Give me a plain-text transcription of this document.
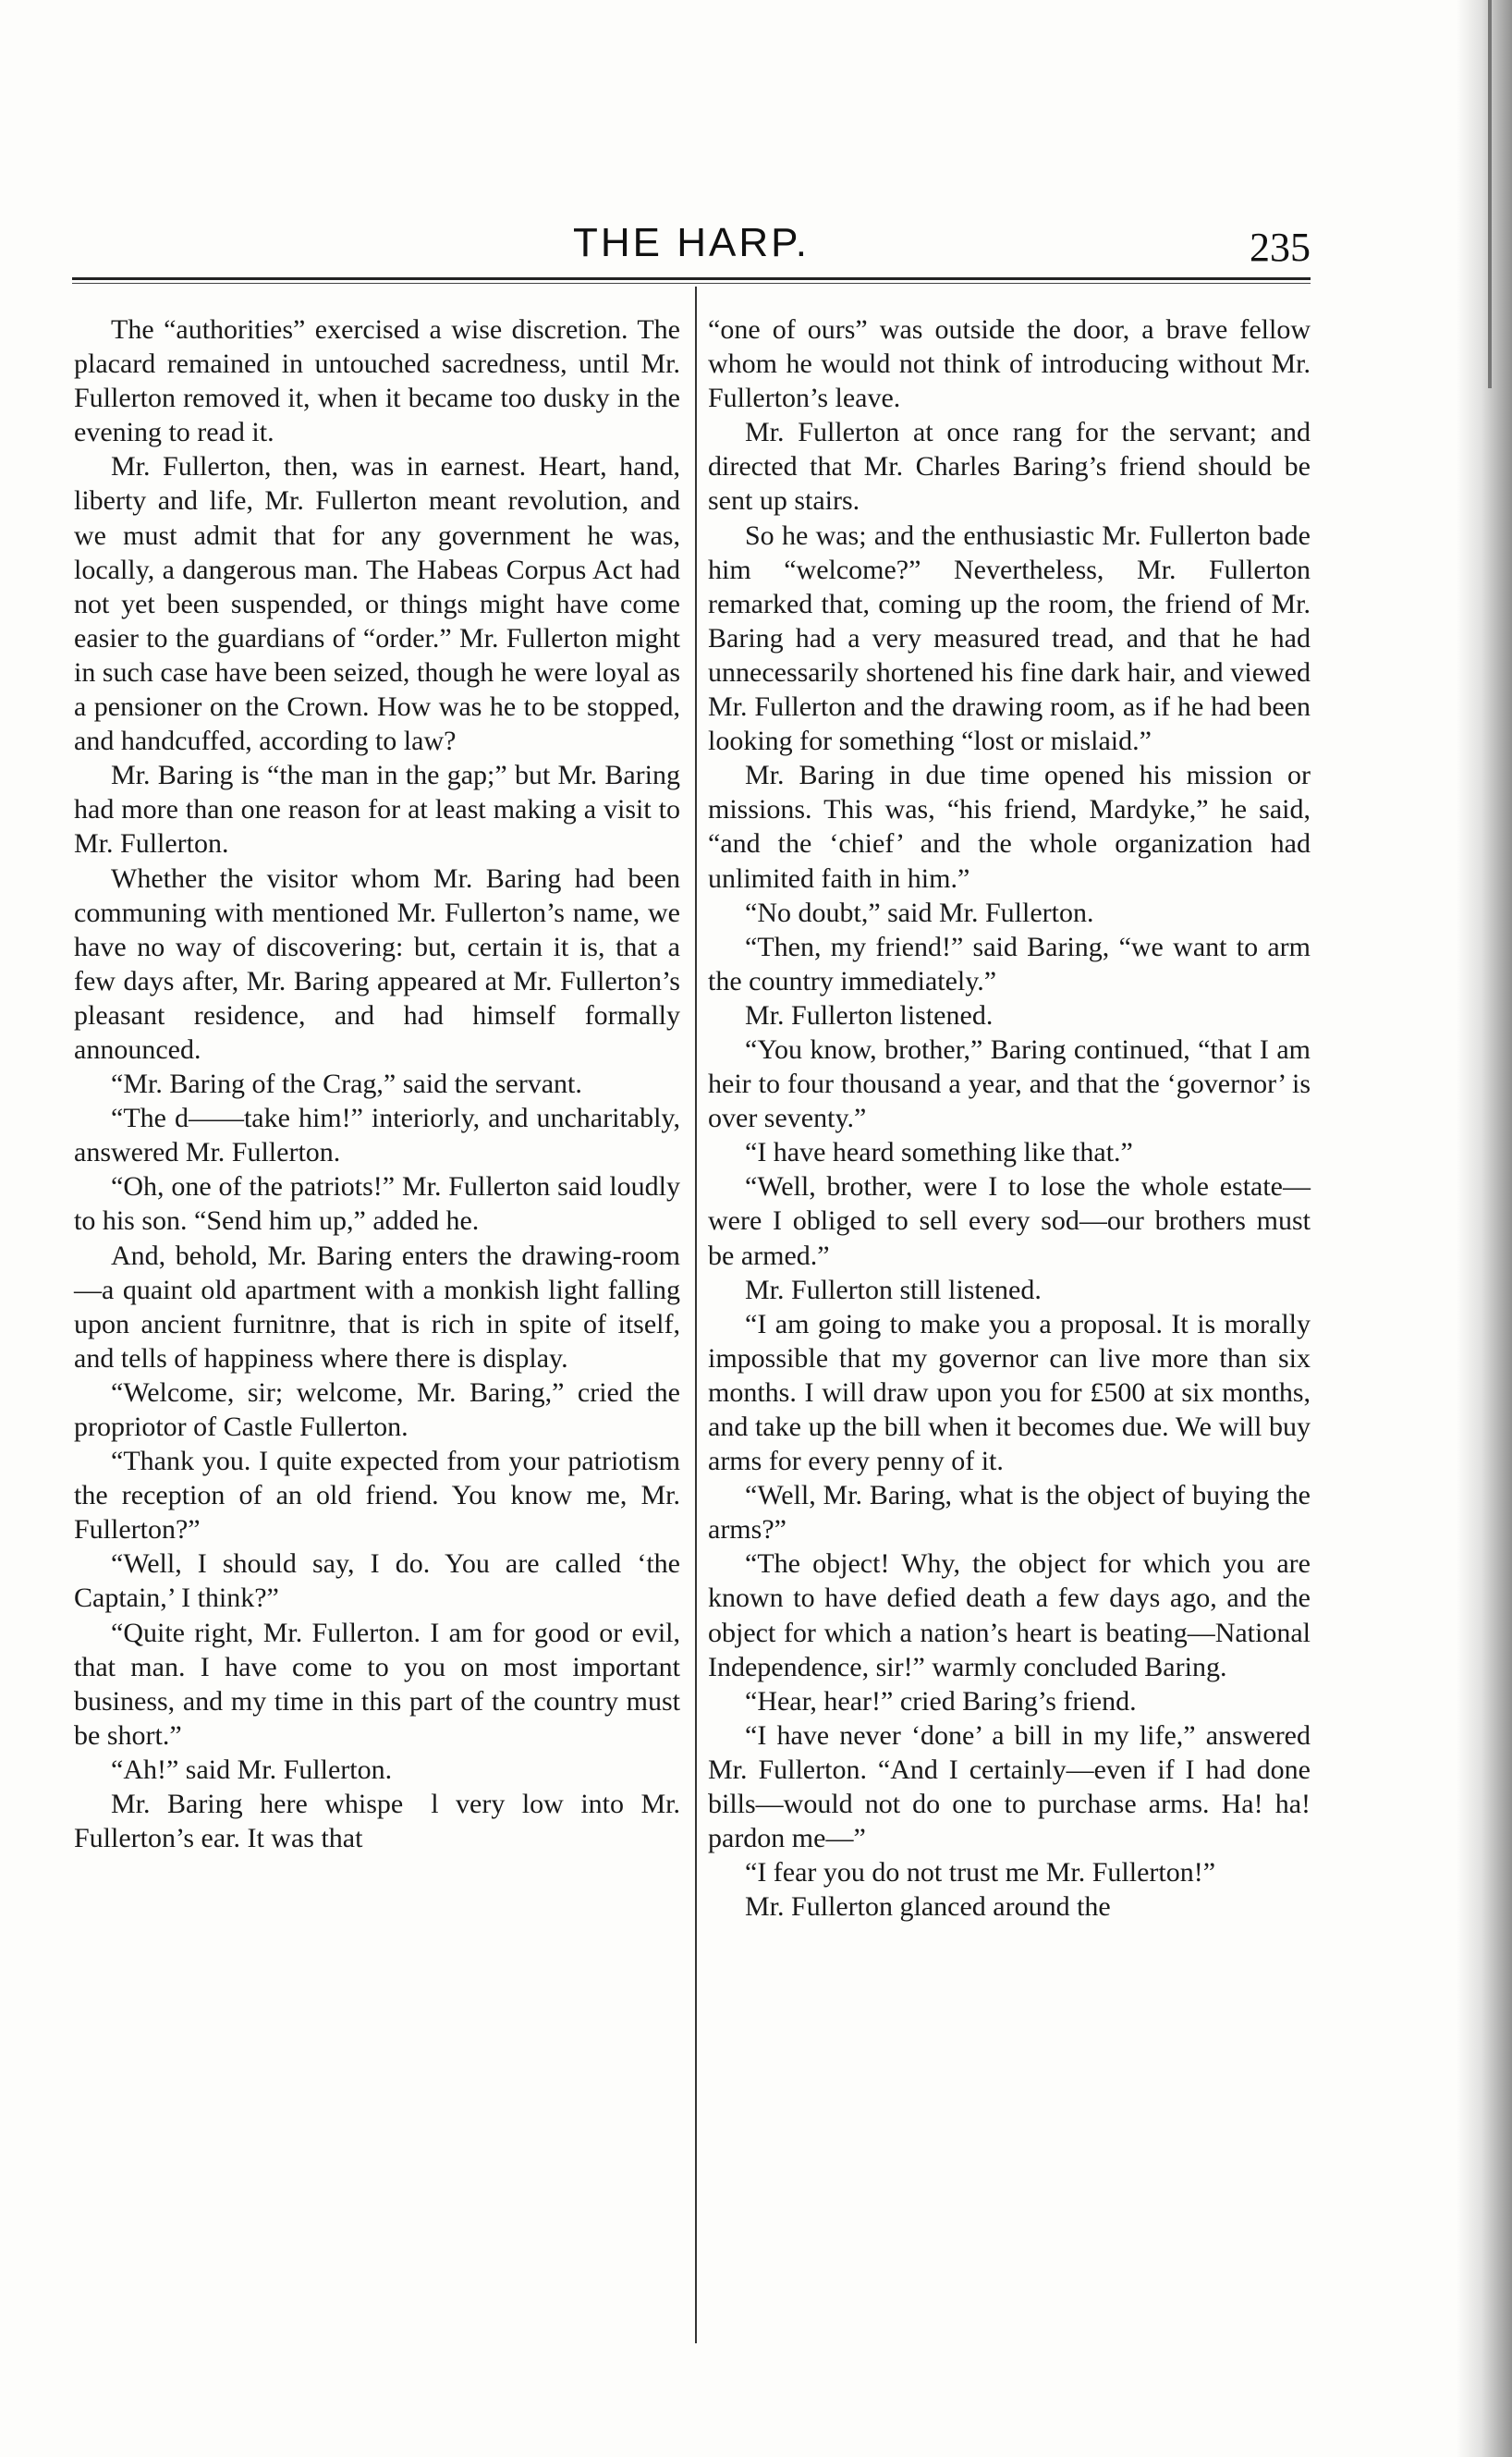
THE HARP.	235

The “authorities” exercised a wise discretion. The placard remained in untouched sacredness, until Mr. Fullerton removed it, when it became too dusky in the evening to read it.

Mr. Fullerton, then, was in earnest. Heart, hand, liberty and life, Mr. Fullerton meant revolution, and we must admit that for any government he was, locally, a dangerous man. The Habeas Corpus Act had not yet been suspended, or things might have come easier to the guardians of “order.” Mr. Fullerton might in such case have been seized, though he were loyal as a pensioner on the Crown. How was he to be stopped, and handcuffed, according to law?

Mr. Baring is “the man in the gap;” but Mr. Baring had more than one reason for at least making a visit to Mr. Fullerton.

Whether the visitor whom Mr. Baring had been communing with mentioned Mr. Fullerton’s name, we have no way of discovering: but, certain it is, that a few days after, Mr. Baring appeared at Mr. Fullerton’s pleasant residence, and had himself formally announced.

“Mr. Baring of the Crag,” said the servant.

“The d——take him!” interiorly, and uncharitably, answered Mr. Fullerton.

“Oh, one of the patriots!” Mr. Fullerton said loudly to his son. “Send him up,” added he.

And, behold, Mr. Baring enters the drawing-room—a quaint old apartment with a monkish light falling upon ancient furnitnre, that is rich in spite of itself, and tells of happiness where there is display.

“Welcome, sir; welcome, Mr. Baring,” cried the propriotor of Castle Fullerton.

“Thank you. I quite expected from your patriotism the reception of an old friend. You know me, Mr. Fullerton?”

“Well, I should say, I do. You are called ‘the Captain,’ I think?”

“Quite right, Mr. Fullerton. I am for good or evil, that man. I have come to you on most important business, and my time in this part of the country must be short.”

“Ah!” said Mr. Fullerton.

Mr. Baring here whispe l very low into Mr. Fullerton’s ear. It was that

“one of ours” was outside the door, a brave fellow whom he would not think of introducing without Mr. Fullerton’s leave.

Mr. Fullerton at once rang for the servant; and directed that Mr. Charles Baring’s friend should be sent up stairs.

So he was; and the enthusiastic Mr. Fullerton bade him “welcome?” Nevertheless, Mr. Fullerton remarked that, coming up the room, the friend of Mr. Baring had a very measured tread, and that he had unnecessarily shortened his fine dark hair, and viewed Mr. Fullerton and the drawing room, as if he had been looking for something “lost or mislaid.”

Mr. Baring in due time opened his mission or missions. This was, “his friend, Mardyke,” he said, “and the ‘chief’ and the whole organization had unlimited faith in him.”

“No doubt,” said Mr. Fullerton.

“Then, my friend!” said Baring, “we want to arm the country immediately.”

Mr. Fullerton listened.

“You know, brother,” Baring continued, “that I am heir to four thousand a year, and that the ‘governor’ is over seventy.”

“I have heard something like that.”

“Well, brother, were I to lose the whole estate—were I obliged to sell every sod—our brothers must be armed.”

Mr. Fullerton still listened.

“I am going to make you a proposal. It is morally impossible that my governor can live more than six months. I will draw upon you for £500 at six months, and take up the bill when it becomes due. We will buy arms for every penny of it.

“Well, Mr. Baring, what is the object of buying the arms?”

“The object! Why, the object for which you are known to have defied death a few days ago, and the object for which a nation’s heart is beating—National Independence, sir!” warmly concluded Baring.

“Hear, hear!” cried Baring’s friend.

“I have never ‘done’ a bill in my life,” answered Mr. Fullerton. “And I certainly—even if I had done bills—would not do one to purchase arms. Ha! ha! pardon me—”

“I fear you do not trust me Mr. Fullerton!”

Mr. Fullerton glanced around the
